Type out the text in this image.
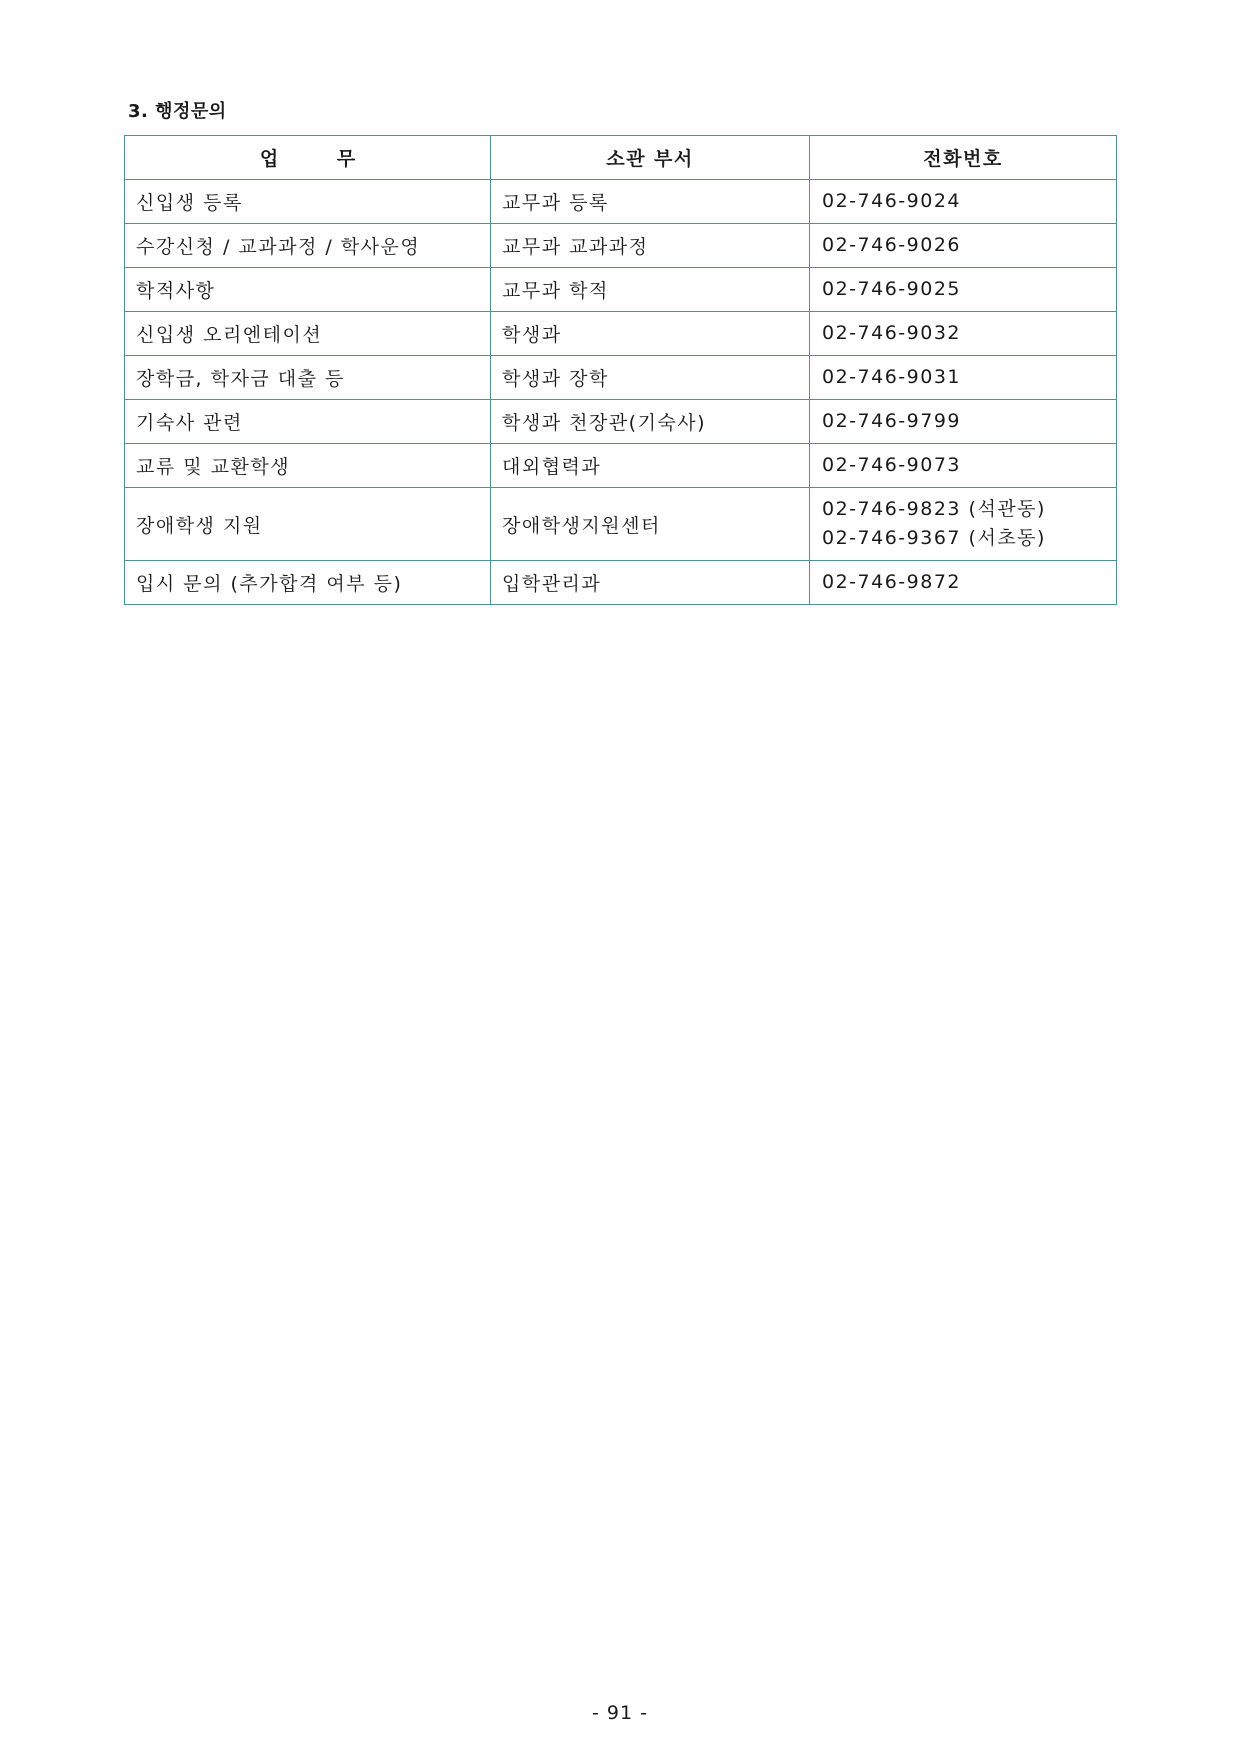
3. 행정문의
업 무	소관 부서	전화번호
신입생 등록	교무과 등록	02-746-9024

수강신청 / 교과과정 / 학사운영	교무과 교과과정	02-746-9026

학적사항	교무과 학적	02-746-9025

신입생 오리엔테이션	학생과	02-746-9032

장학금, 학자금 대출 등	학생과 장학	02-746-9031

기숙사 관련	학생과 천장관(기숙사)	02-746-9799

교류 및 교환학생	대외협력과	02-746-9073

장애학생 지원	장애학생지원센터	02-746-9823 (석관동)
02-746-9367 (서초동)

입시 문의 (추가합격 여부 등)	입학관리과	02-746-9872
- 91 -
